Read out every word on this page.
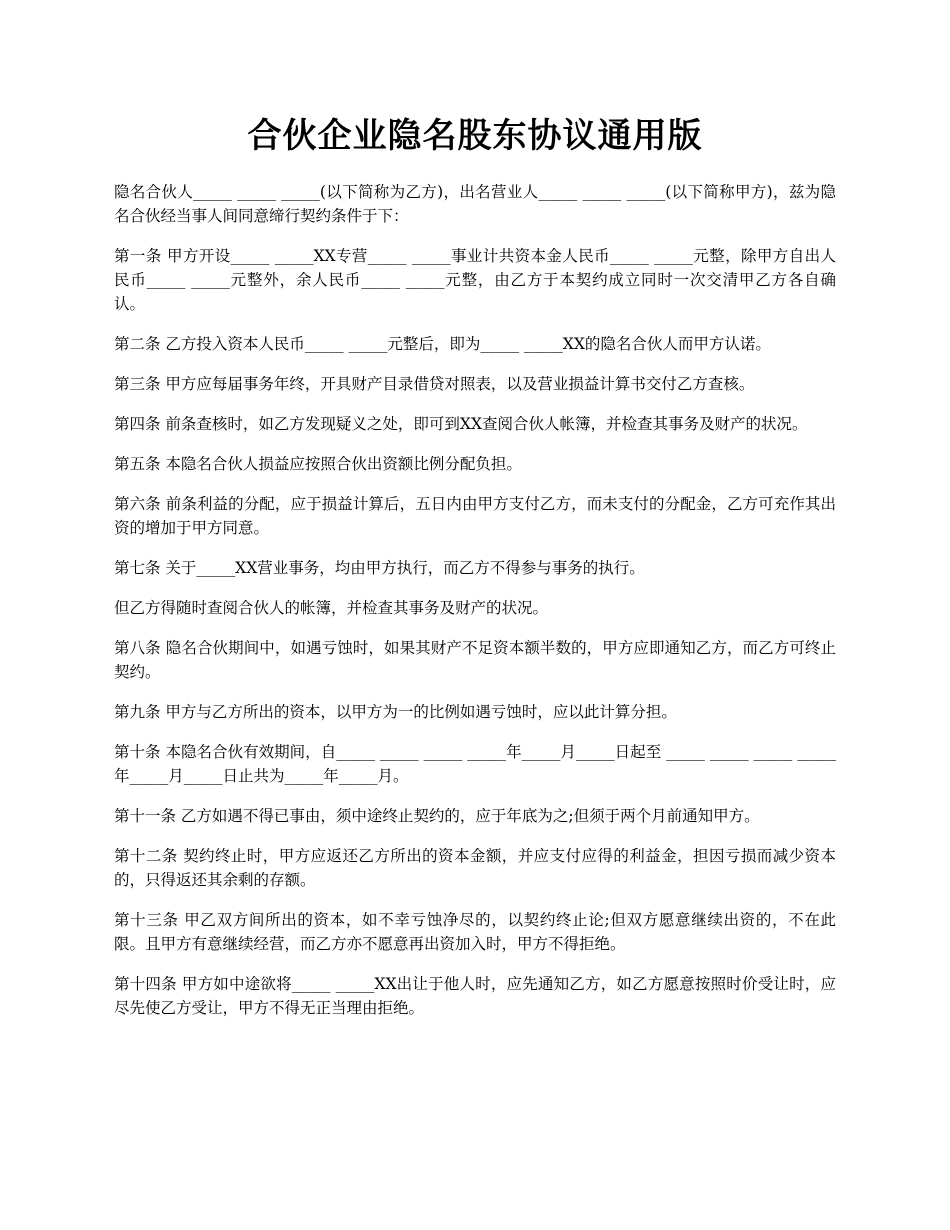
合伙企业隐名股东协议通用版

隐名合伙人_____ _____ _____(以下简称为乙方)，出名营业人_____ _____ _____(以下简称甲方)，兹为隐名合伙经当事人间同意缔行契约条件于下：

第一条 甲方开设_____ _____XX专营_____ _____事业计共资本金人民币_____ _____元整，除甲方自出人民币_____ _____元整外，余人民币_____ _____元整，由乙方于本契约成立同时一次交清甲乙方各自确认。

第二条 乙方投入资本人民币_____ _____元整后，即为_____ _____XX的隐名合伙人而甲方认诺。

第三条 甲方应每届事务年终，开具财产目录借贷对照表，以及营业损益计算书交付乙方查核。

第四条 前条查核时，如乙方发现疑义之处，即可到XX查阅合伙人帐簿，并检查其事务及财产的状况。

第五条 本隐名合伙人损益应按照合伙出资额比例分配负担。

第六条 前条利益的分配，应于损益计算后，五日内由甲方支付乙方，而未支付的分配金，乙方可充作其出资的增加于甲方同意。

第七条 关于_____XX营业事务，均由甲方执行，而乙方不得参与事务的执行。

但乙方得随时查阅合伙人的帐簿，并检查其事务及财产的状况。

第八条 隐名合伙期间中，如遇亏蚀时，如果其财产不足资本额半数的，甲方应即通知乙方，而乙方可终止契约。

第九条 甲方与乙方所出的资本，以甲方为一的比例如遇亏蚀时，应以此计算分担。

第十条 本隐名合伙有效期间，自_____ _____ _____ _____年_____月_____日起至 _____ _____ _____ _____年_____月_____日止共为_____年_____月。

第十一条 乙方如遇不得已事由，须中途终止契约的，应于年底为之;但须于两个月前通知甲方。

第十二条 契约终止时，甲方应返还乙方所出的资本金额，并应支付应得的利益金，担因亏损而减少资本的，只得返还其余剩的存额。

第十三条 甲乙双方间所出的资本，如不幸亏蚀净尽的，以契约终止论;但双方愿意继续出资的，不在此限。且甲方有意继续经营，而乙方亦不愿意再出资加入时，甲方不得拒绝。

第十四条 甲方如中途欲将_____ _____XX出让于他人时，应先通知乙方，如乙方愿意按照时价受让时，应尽先使乙方受让，甲方不得无正当理由拒绝。
